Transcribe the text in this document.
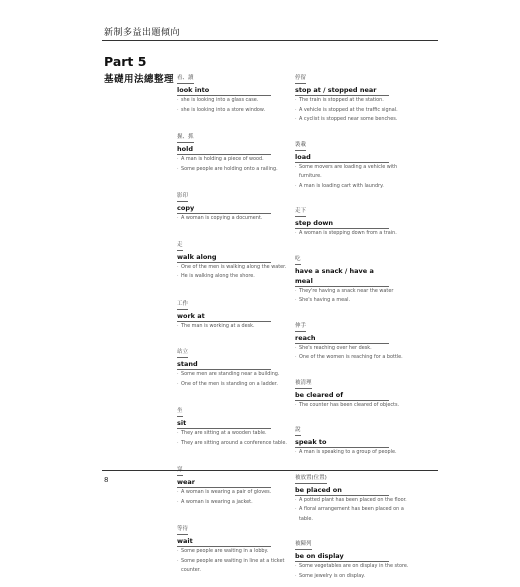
新制多益出題傾向
Part 5
基礎用法總整理 看、讀
look into
· she is looking into a glass case.
· she is looking into a store window.
握、抓
hold
· A man is holding a piece of wood.
· Some people are holding onto a railing.
影印
copy
· A woman is copying a document.
走
walk along
· One of the men is walking along the water.
· He is walking along the shore.
工作
work at
· The man is working at a desk.
站立
stand
· Some men are standing near a building.
· One of the men is standing on a ladder.
坐
sit
· They are sitting at a wooden table.
· They are sitting around a conference table.
穿
wear
· A woman is wearing a pair of gloves.
· A woman is wearing a jacket.
等待
wait
· Some people are waiting in a lobby.
· Some people are waiting in line at a ticket counter.
停留
stop at / stopped near
· The train is stopped at the station.
· A vehicle is stopped at the traffic signal.
· A cyclist is stopped near some benches.
裝載
load
· Some movers are loading a vehicle with furniture.
· A man is loading cart with laundry.
走下
step down
· A woman is stepping down from a train.
吃
have a snack / have a meal
· They're having a snack near the water
· She's having a meal.
伸手
reach
· She's reaching over her desk.
· One of the women is reaching for a bottle.
被清理
be cleared of
· The counter has been cleared of objects.
說
speak to
· A man is speaking to a group of people.
被放置(位置)
be placed on
· A potted plant has been placed on the floor.
· A floral arrangement has been placed on a table.
被陳列
be on display
· Some vegetables are on display in the store.
· Some jewelry is on display.
8
